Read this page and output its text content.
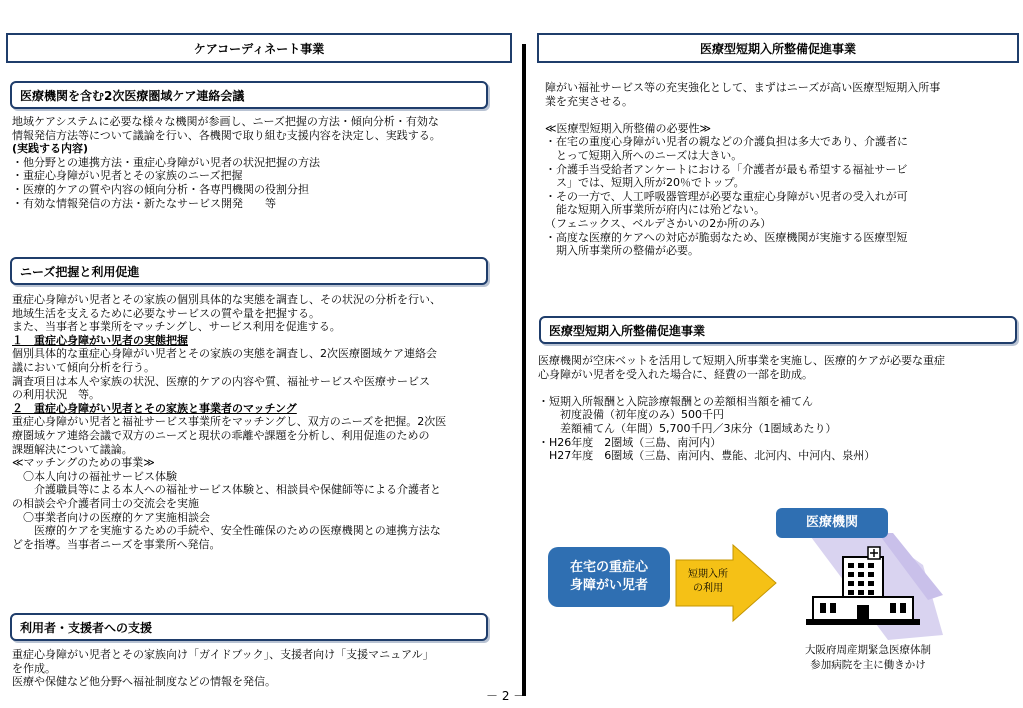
ケアコーディネート事業
医療機関を含む2次医療圏域ケア連絡会議
地域ケアシステムに必要な様々な機関が参画し、ニーズ把握の方法・傾向分析・有効な
情報発信方法等について議論を行い、各機関で取り組む支援内容を決定し、実践する。
(実践する内容)
・他分野との連携方法・重症心身障がい児者の状況把握の方法
・重症心身障がい児者とその家族のニーズ把握
・医療的ケアの質や内容の傾向分析・各専門機関の役割分担
・有効な情報発信の方法・新たなサービス開発　　等
ニーズ把握と利用促進
重症心身障がい児者とその家族の個別具体的な実態を調査し、その状況の分析を行い、
地域生活を支えるために必要なサービスの質や量を把握する。
また、当事者と事業所をマッチングし、サービス利用を促進する。
１　重症心身障がい児者の実態把握
個別具体的な重症心身障がい児者とその家族の実態を調査し、2次医療圏域ケア連絡会
議において傾向分析を行う。
調査項目は本人や家族の状況、医療的ケアの内容や質、福祉サービスや医療サービス
の利用状況　等。
２　重症心身障がい児者とその家族と事業者のマッチング
重症心身障がい児者と福祉サービス事業所をマッチングし、双方のニーズを把握。2次医
療圏域ケア連絡会議で双方のニーズと現状の乖離や課題を分析し、利用促進のための
課題解決について議論。
≪マッチングのための事業≫
　〇本人向けの福祉サービス体験
　　介護職員等による本人への福祉サービス体験と、相談員や保健師等による介護者と
の相談会や介護者同士の交流会を実施
　〇事業者向けの医療的ケア実施相談会
　　医療的ケアを実施するための手続や、安全性確保のための医療機関との連携方法な
どを指導。当事者ニーズを事業所へ発信。
利用者・支援者への支援
重症心身障がい児者とその家族向け「ガイドブック」、支援者向け「支援マニュアル」
を作成。
医療や保健など他分野へ福祉制度などの情報を発信。
－ 2 －
医療型短期入所整備促進事業
障がい福祉サービス等の充実強化として、まずはニーズが高い医療型短期入所事
業を充実させる。

≪医療型短期入所整備の必要性≫
・在宅の重度心身障がい児者の親などの介護負担は多大であり、介護者に
　とって短期入所へのニーズは大きい。
・介護手当受給者アンケートにおける「介護者が最も希望する福祉サービ
　ス」では、短期入所が20％でトップ。
・その一方で、人工呼吸器管理が必要な重症心身障がい児者の受入れが可
　能な短期入所事業所が府内には殆どない。
（フェニックス、ベルデさかいの2か所のみ）
・高度な医療的ケアへの対応が脆弱なため、医療機関が実施する医療型短
　期入所事業所の整備が必要。
医療型短期入所整備促進事業
医療機関が空床ベットを活用して短期入所事業を実施し、医療的ケアが必要な重症
心身障がい児者を受入れた場合に、経費の一部を助成。

・短期入所報酬と入院診療報酬との差額相当額を補てん
　　初度設備（初年度のみ）500千円
　　差額補てん（年間）5,700千円／3床分（1圏域あたり）
・H26年度　2圏域（三島、南河内）
　H27年度　6圏域（三島、南河内、豊能、北河内、中河内、泉州）
在宅の重症心
身障がい児者
短期入所
の利用
医療機関
大阪府周産期緊急医療体制
参加病院を主に働きかけ
